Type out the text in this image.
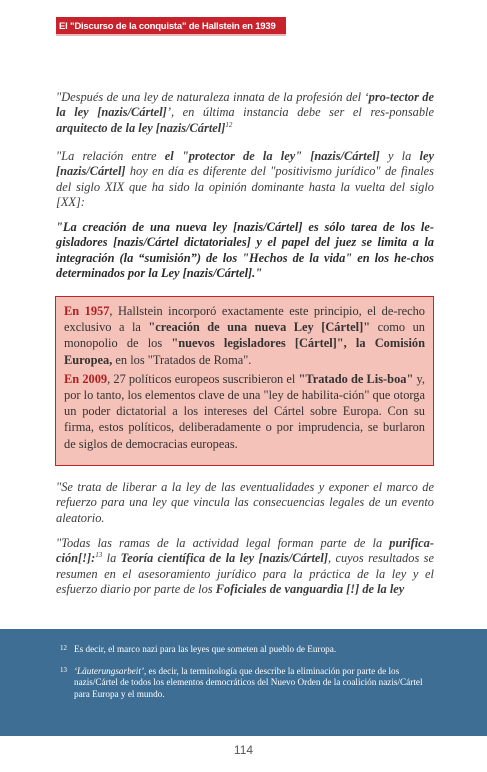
El "Discurso de la conquista" de Hallstein en 1939

"Después de una ley de naturaleza innata de la profesión del ‘pro-tector de la ley [nazis/Cártel]’, en última instancia debe ser el res-ponsable arquitecto de la ley [nazis/Cártel]$^{12}$

"La relación entre el "protector de la ley" [nazis/Cártel] y la ley [nazis/Cártel] hoy en día es diferente del "positivismo jurídico" de finales del siglo XIX que ha sido la opinión dominante hasta la vuelta del siglo [XX]:

"La creación de una nueva ley [nazis/Cártel] es sólo tarea de los le-gisladores [nazis/Cártel dictatoriales] y el papel del juez se limita a la integración (la “sumisión”) de los "Hechos de la vida" en los he-chos determinados por la Ley [nazis/Cártel]."

En 1957, Hallstein incorporó exactamente este principio, el de-recho exclusivo a la "creación de una nueva Ley [Cártel]" como un monopolio de los "nuevos legisladores [Cártel]", la Comisión Europea, en los "Tratados de Roma".

En 2009, 27 políticos europeos suscribieron el "Tratado de Lis-boa" y, por lo tanto, los elementos clave de una "ley de habilita-ción" que otorga un poder dictatorial a los intereses del Cártel sobre Europa. Con su firma, estos políticos, deliberadamente o por imprudencia, se burlaron de siglos de democracias europeas.

"Se trata de liberar a la ley de las eventualidades y exponer el marco de refuerzo para una ley que vincula las consecuencias legales de un evento aleatorio.

"Todas las ramas de la actividad legal forman parte de la purifica-ción[!]:$^{13}$ la Teoría científica de la ley [nazis/Cártel], cuyos resultados se resumen en el asesoramiento jurídico para la práctica de la ley y el esfuerzo diario por parte de los Foficiales de vanguardia [!] de la ley

12 Es decir, el marco nazi para las leyes que someten al pueblo de Europa.
13 ‘Läuterungsarbeit’, es decir, la terminología que describe la eliminación por parte de los nazis/Cártel de todos los elementos democráticos del Nuevo Orden de la coalición nazis/Cártel para Europa y el mundo.
114
